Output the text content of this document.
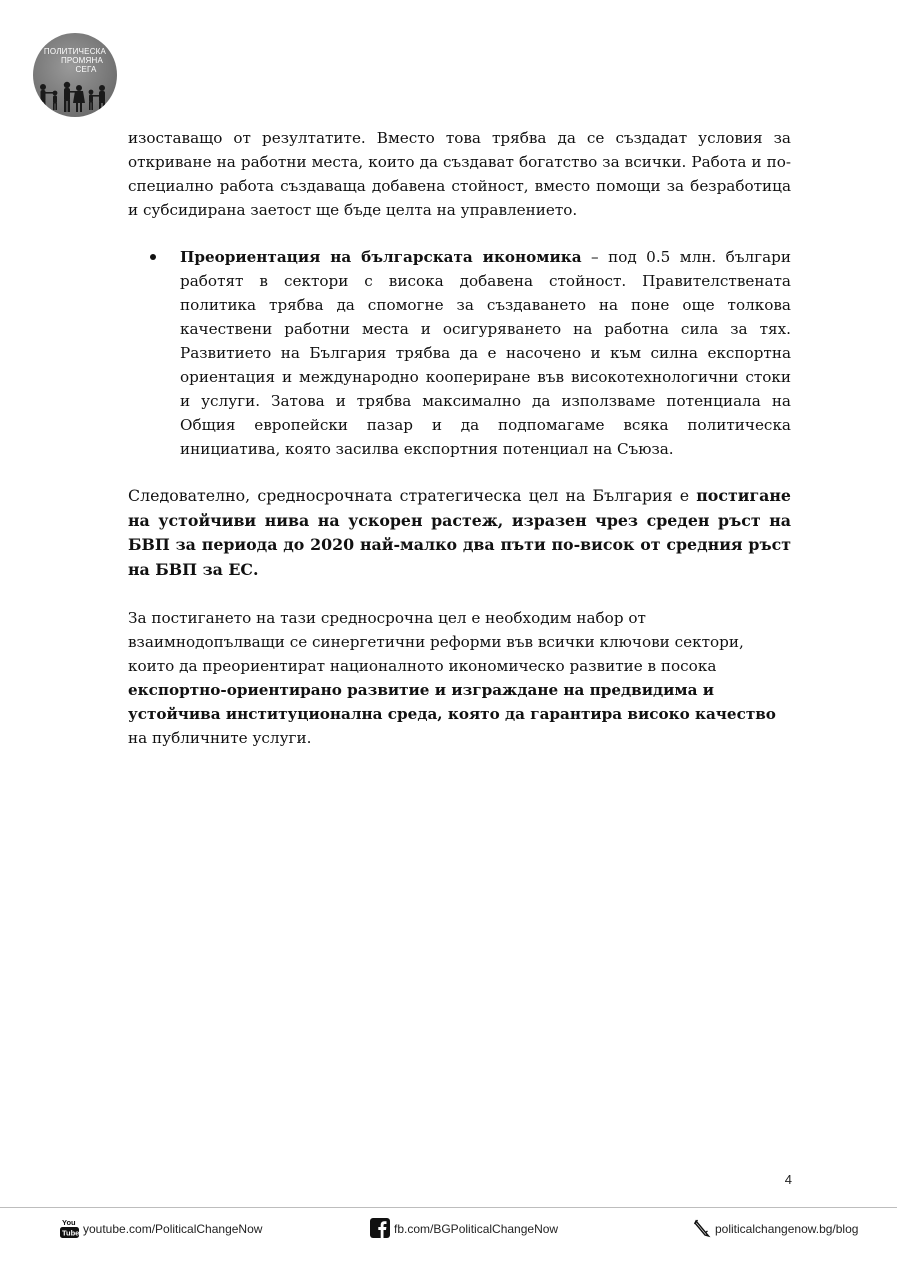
ПОЛИТИЧЕСКА
ПРОМЯНА
СЕГА

изоставащо от резултатите. Вместо това трябва да се създадат условия за откриване на работни места, които да създават богатство за всички. Работа и по-специално работа създаваща добавена стойност, вместо помощи за безработица и субсидирана заетост ще бъде целта на управлението.

Преориентация на българската икономика – под 0.5 млн. българи работят в сектори с висока добавена стойност. Правителствената политика трябва да спомогне за създаването на поне още толкова качествени работни места и осигуряването на работна сила за тях. Развитието на България трябва да е насочено и към силна експортна ориентация и международно коопериране във високотехнологични стоки и услуги. Затова и трябва максимално да използваме потенциала на Общия европейски пазар и да подпомагаме всяка политическа инициатива, която засилва експортния потенциал на Съюза.

Следователно, средносрочната стратегическа цел на България е постигане на устойчиви нива на ускорен растеж, изразен чрез среден ръст на БВП за периода до 2020 най-малко два пъти по-висок от средния ръст на БВП за ЕС.

За постигането на тази средносрочна цел е необходим набор от взаимнодопълващи се синергетични реформи във всички ключови сектори, които да преориентират националното икономическо развитие в посока експортно-ориентирано развитие и изграждане на предвидима и устойчива институционална среда, която да гарантира високо качество на публичните услуги.

4
You
Tube youtube.com/PoliticalChangeNow	fb.com/BGPoliticalChangeNow	politicalchangenow.bg/blog
